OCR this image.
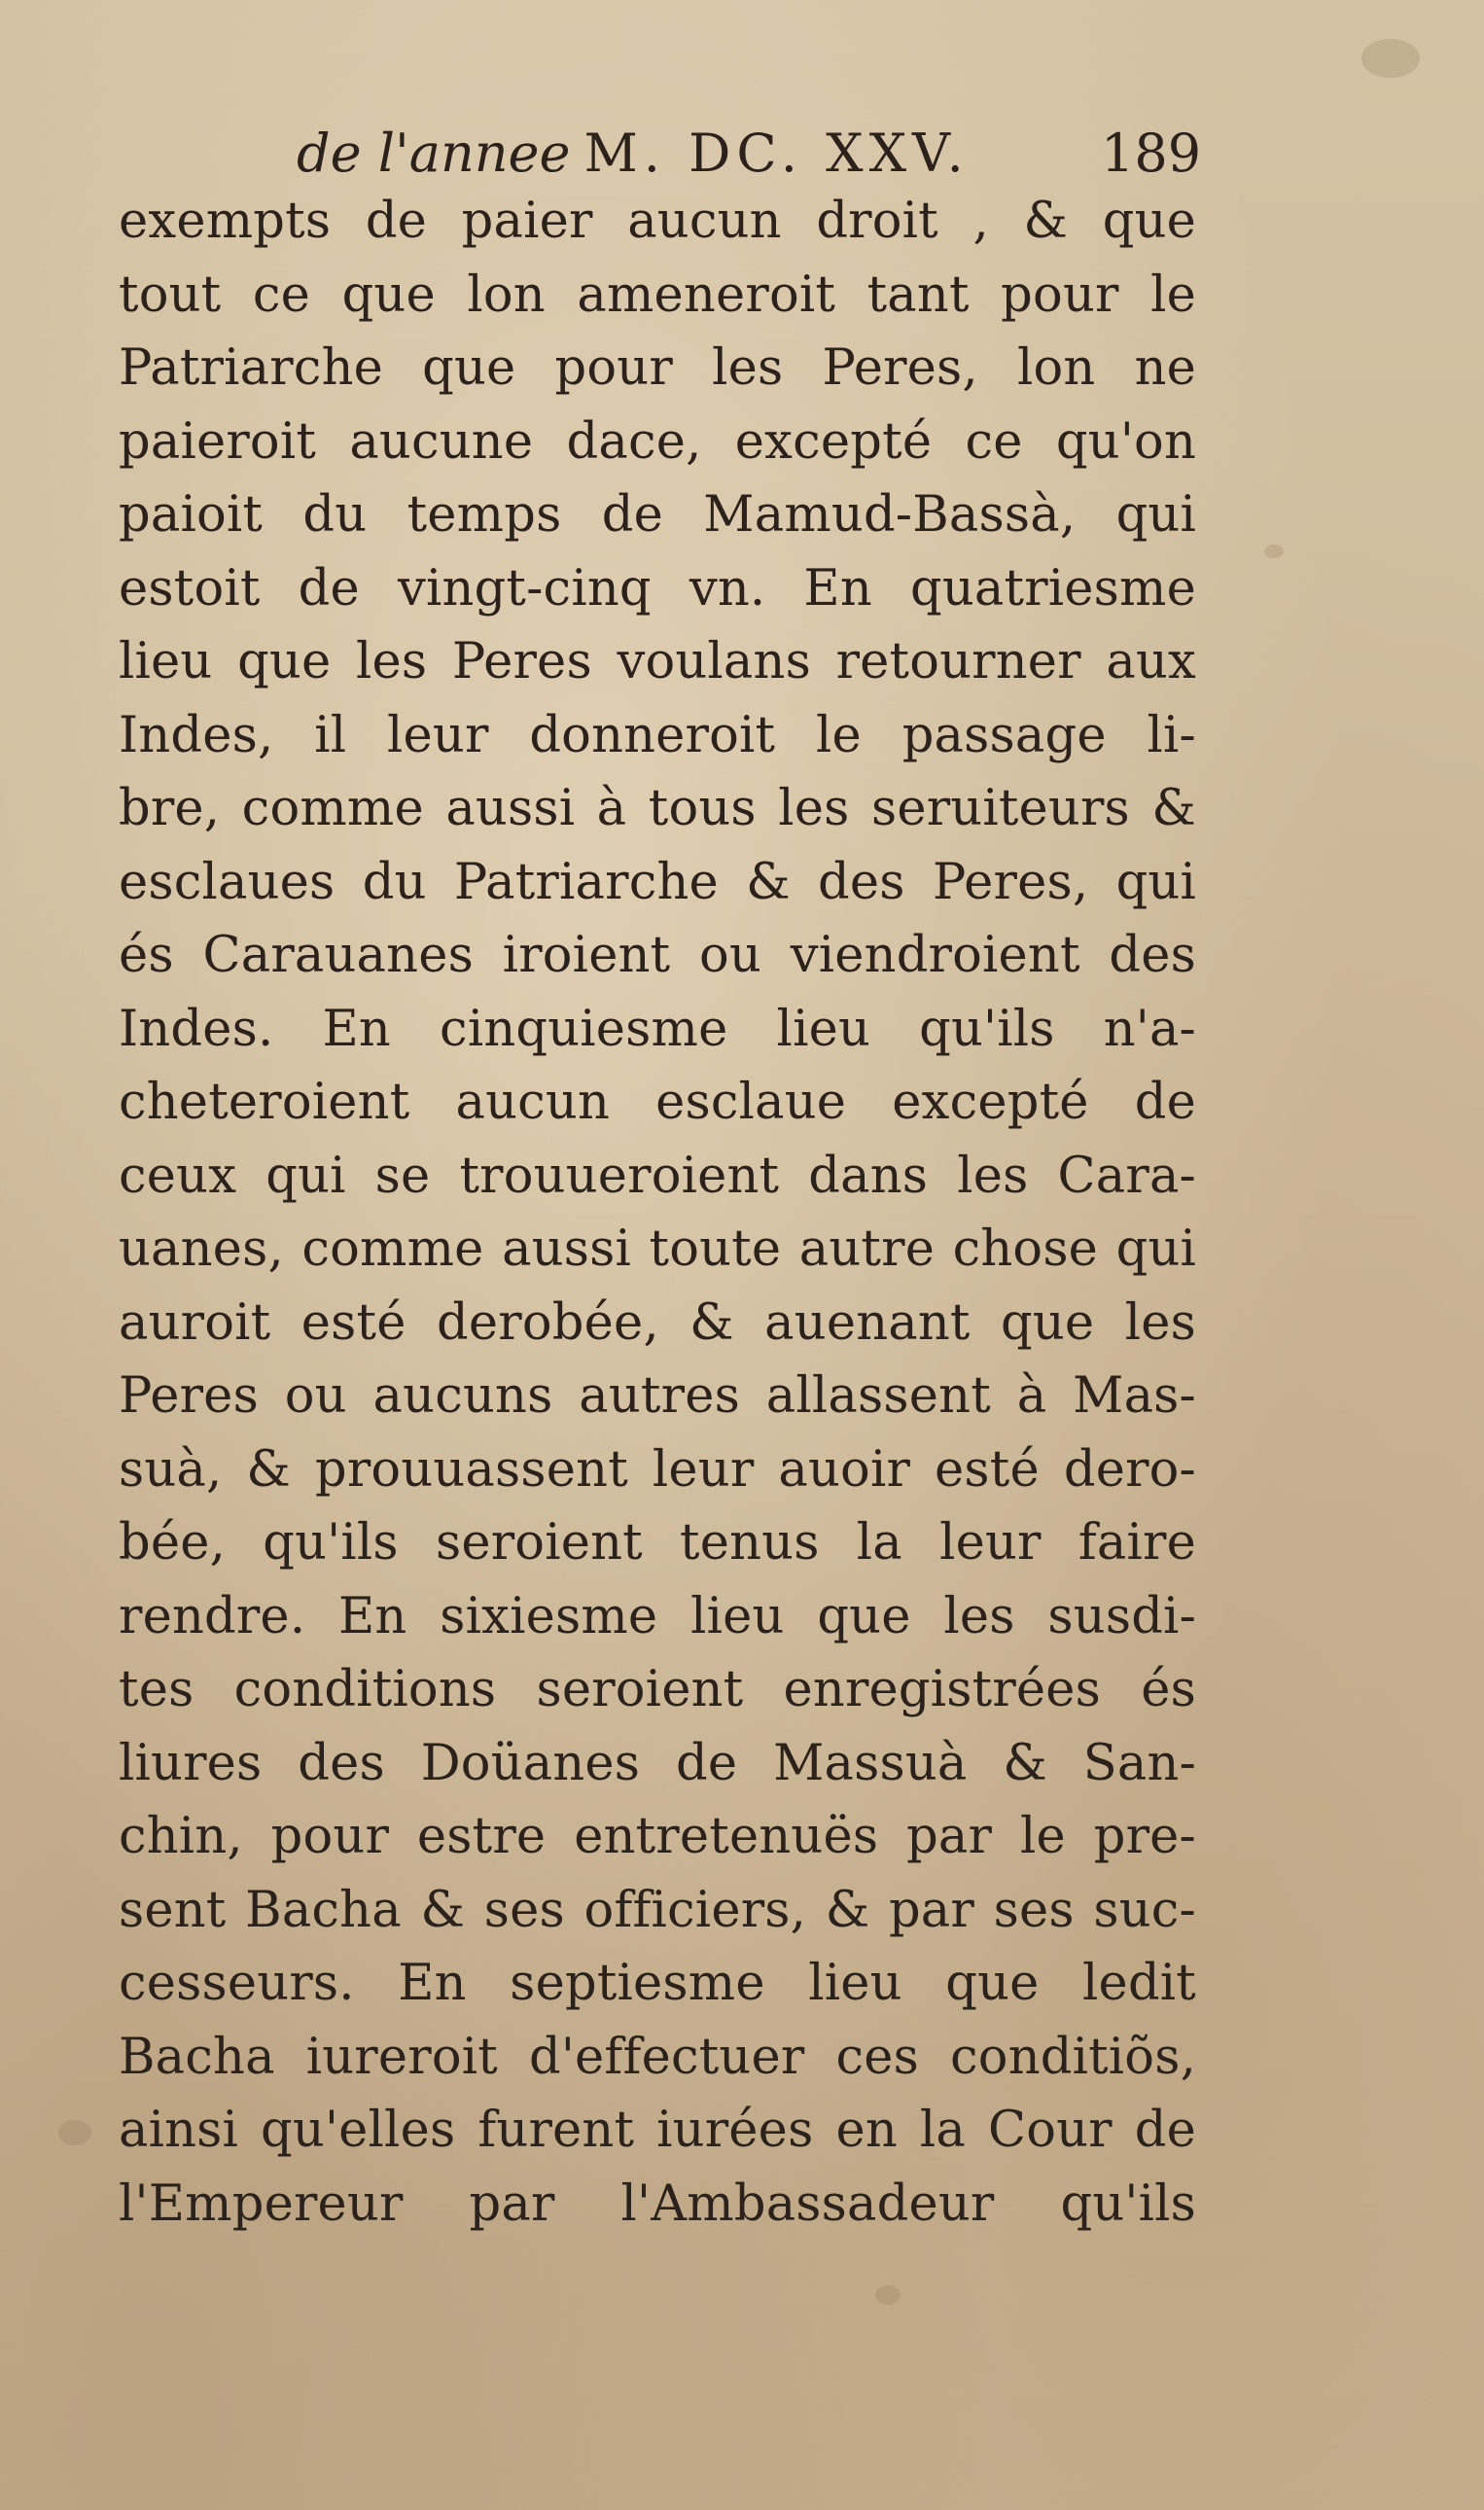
de l'annee M. DC. XXV.	189
exempts de paier aucun droit , & que
tout ce que lon ameneroit tant pour le
Patriarche que pour les Peres, lon ne
paieroit aucune dace, excepté ce qu'on
paioit du temps de Mamud-Bassà, qui
estoit de vingt-cinq vn. En quatriesme
lieu que les Peres voulans retourner aux
Indes, il leur donneroit le passage li-
bre, comme aussi à tous les seruiteurs &
esclaues du Patriarche & des Peres, qui
és Carauanes iroient ou viendroient des
Indes. En cinquiesme lieu qu'ils n'a-
cheteroient aucun esclaue excepté de
ceux qui se trouueroient dans les Cara-
uanes, comme aussi toute autre chose qui
auroit esté derobée, & auenant que les
Peres ou aucuns autres allassent à Mas-
suà, & prouuassent leur auoir esté dero-
bée, qu'ils seroient tenus la leur faire
rendre. En sixiesme lieu que les susdi-
tes conditions seroient enregistrées és
liures des Doüanes de Massuà & San-
chin, pour estre entretenuës par le pre-
sent Bacha & ses officiers, & par ses suc-
cesseurs. En septiesme lieu que ledit
Bacha iureroit d'effectuer ces conditiõs,
ainsi qu'elles furent iurées en la Cour de
l'Empereur par l'Ambassadeur qu'ils
